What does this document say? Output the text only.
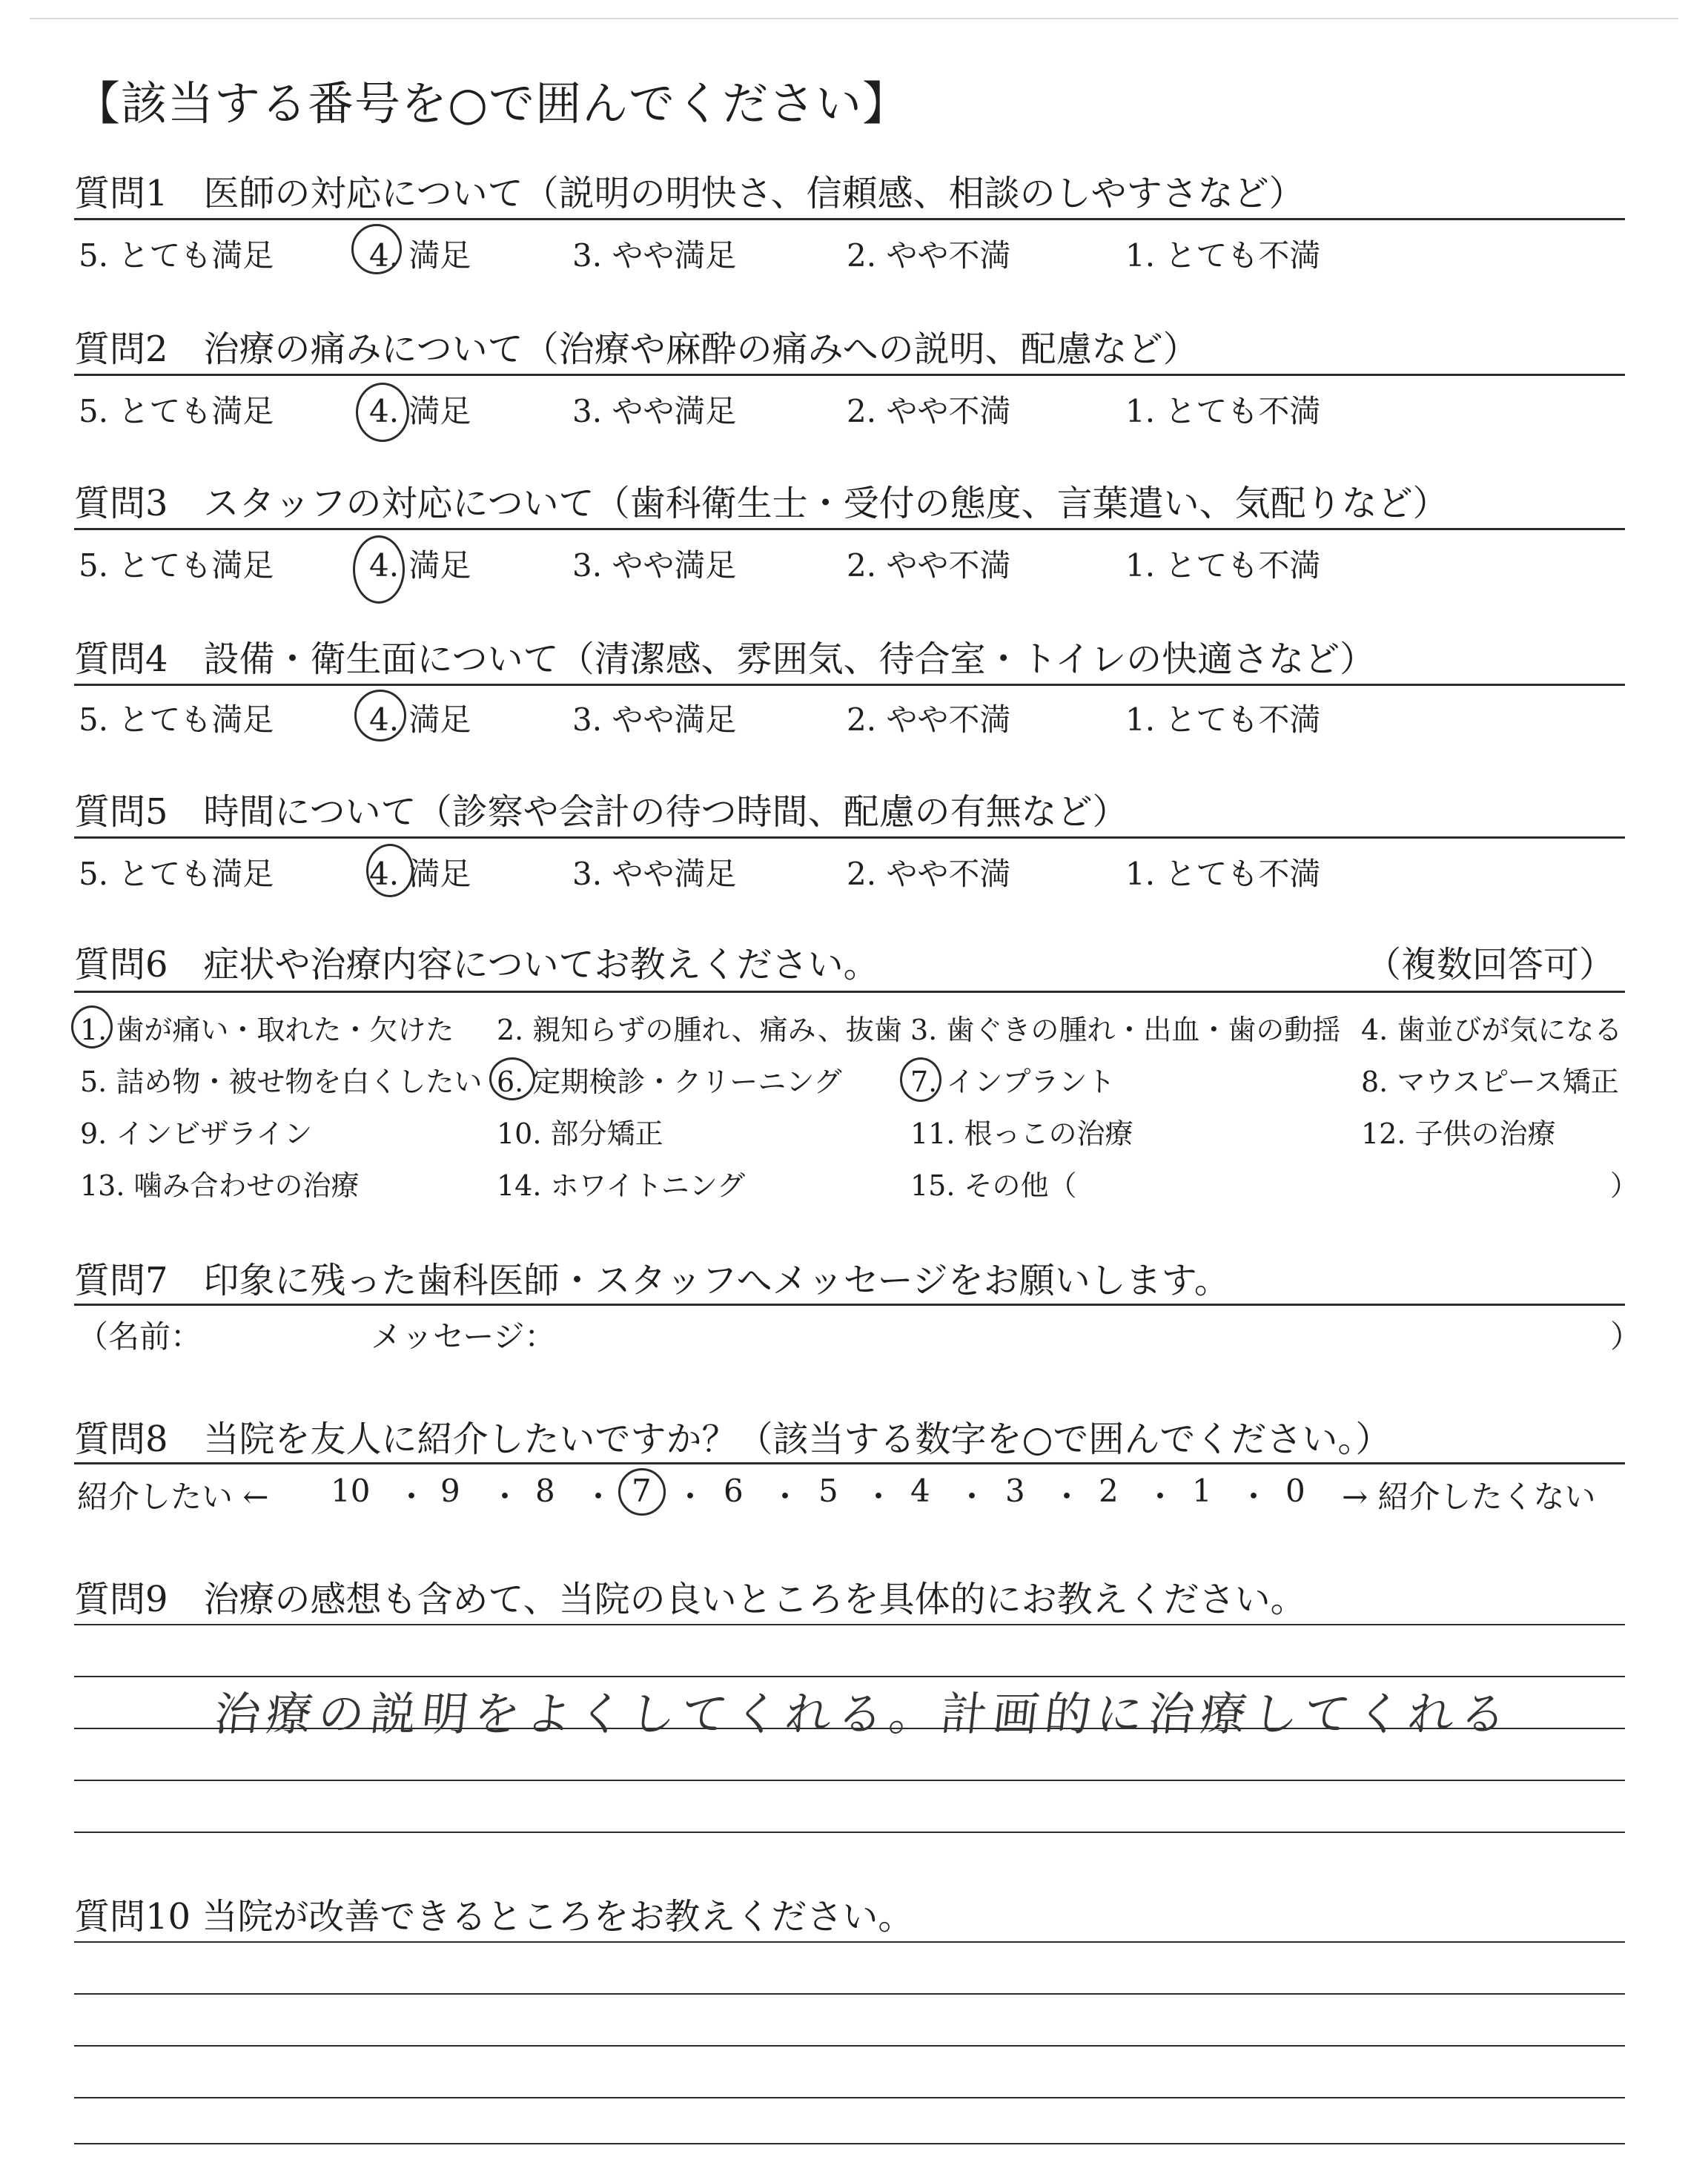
【該当する番号を○で囲んでください】
質問1　医師の対応について（説明の明快さ、信頼感、相談のしやすさなど）
5. とても満足	4. 満足	3. やや満足	2. やや不満	1. とても不満
質問2　治療の痛みについて（治療や麻酔の痛みへの説明、配慮など）
5. とても満足	4. 満足	3. やや満足	2. やや不満	1. とても不満
質問3　スタッフの対応について（歯科衛生士・受付の態度、言葉遣い、気配りなど）
5. とても満足	4. 満足	3. やや満足	2. やや不満	1. とても不満
質問4　設備・衛生面について（清潔感、雰囲気、待合室・トイレの快適さなど）
5. とても満足	4. 満足	3. やや満足	2. やや不満	1. とても不満
質問5　時間について（診察や会計の待つ時間、配慮の有無など）
5. とても満足	4. 満足	3. やや満足	2. やや不満	1. とても不満
質問6　症状や治療内容についてお教えください。	（複数回答可）
1. 歯が痛い・取れた・欠けた 2. 親知らずの腫れ、痛み、抜歯 3. 歯ぐきの腫れ・出血・歯の動揺 4. 歯並びが気になる
5. 詰め物・被せ物を白くしたい 6. 定期検診・クリーニング 7. インプラント	8. マウスピース矯正
9. インビザライン	10. 部分矯正	11. 根っこの治療	12. 子供の治療
13. 噛み合わせの治療	14. ホワイトニング	15. その他（	）
質問7　印象に残った歯科医師・スタッフへメッセージをお願いします。
（名前：	メッセージ：	）
質問8　当院を友人に紹介したいですか？（該当する数字を○で囲んでください。）
紹介したい ←	→ 紹介したくない
10 ・ 9 ・ 8 ・ 7 ・ 6 ・ 5 ・ 4 ・ 3 ・ 2 ・ 1 ・ 0
質問9　治療の感想も含めて、当院の良いところを具体的にお教えください。
治療の説明をよくしてくれる。計画的に治療してくれる
質問10 当院が改善できるところをお教えください。
